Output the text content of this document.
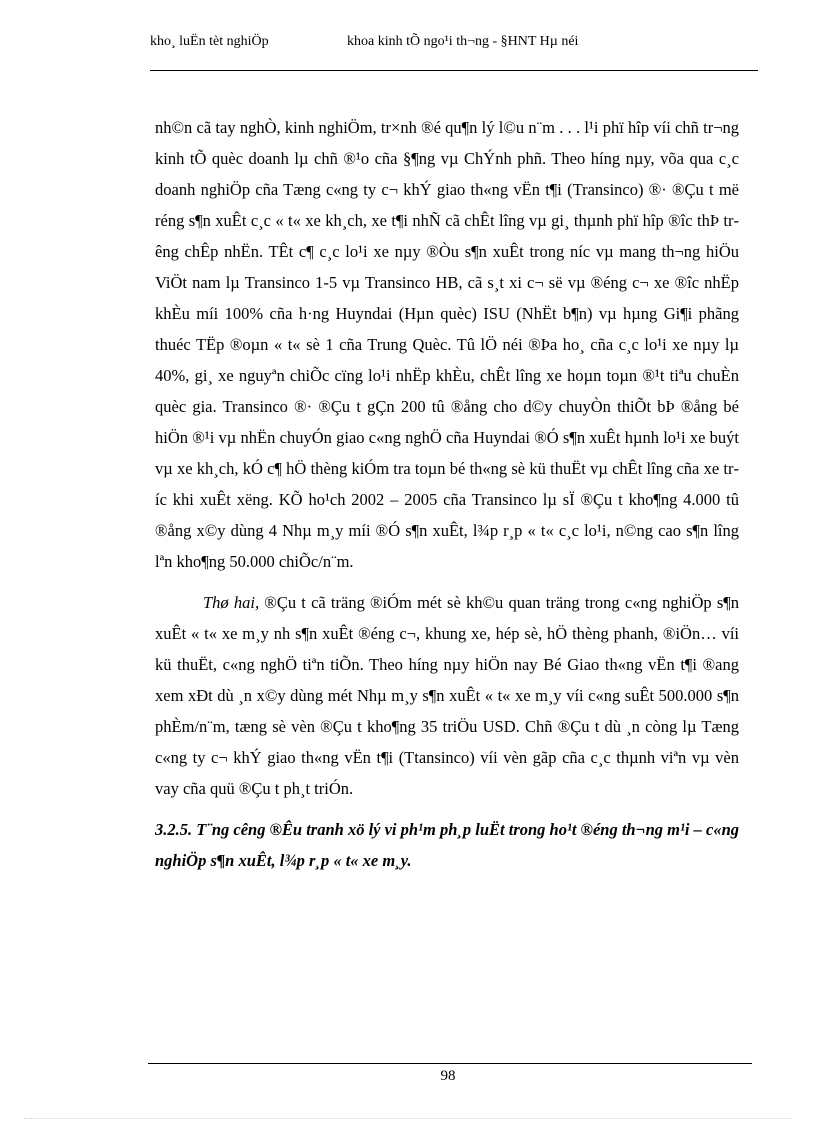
kho¸ luËn tèt nghiÖp	khoa kinh tÕ ngo¹i th¬ng - §HNT Hµ néi

nh©n cã tay nghÒ, kinh nghiÖm, tr×nh ®é qu¶n lý l©u n¨m . . . l¹i phï hîp víi chñ tr¬ng kinh tÕ quèc doanh lµ chñ ®¹o cña §¶ng vµ ChÝnh phñ. Theo híng nµy, võa qua c¸c doanh nghiÖp cña Tæng c«ng ty c¬ khÝ giao th«ng vËn t¶i (Transinco) ®· ®Çu t më réng s¶n xuÊt c¸c « t« xe kh¸ch, xe t¶i nhÑ cã chÊt lîng vµ gi¸ thµnh phï hîp ®îc thÞ trêng chÊp nhËn. TÊt c¶ c¸c lo¹i xe nµy ®Òu s¶n xuÊt trong níc vµ mang th¬ng hiÖu ViÖt nam lµ Transinco 1-5 vµ Transinco HB, cã s¸t xi c¬ së vµ ®éng c¬ xe ®îc nhËp khÈu míi 100% cña h·ng Huyndai (Hµn quèc) ISU (NhËt b¶n) vµ hµng Gi¶i phãng thuéc TËp ®oµn « t« sè 1 cña Trung Quèc. Tû lÖ néi ®Þa ho¸ cña c¸c lo¹i xe nµy lµ 40%, gi¸ xe nguyªn chiÕc cïng lo¹i nhËp khÈu, chÊt lîng xe hoµn toµn ®¹t tiªu chuÈn quèc gia. Transinco ®· ®Çu t gÇn 200 tû ®ång cho d©y chuyÒn thiÕt bÞ ®ång bé hiÖn ®¹i vµ nhËn chuyÓn giao c«ng nghÖ cña Huyndai ®Ó s¶n xuÊt hµnh lo¹i xe buýt vµ xe kh¸ch, kÓ c¶ hÖ thèng kiÓm tra toµn bé th«ng sè kü thuËt vµ chÊt lîng cña xe tríc khi xuÊt xëng. KÕ ho¹ch 2002 – 2005 cña Transinco lµ sÏ ®Çu t kho¶ng 4.000 tû ®ång x©y dùng 4 Nhµ m¸y míi ®Ó s¶n xuÊt, l¾p r¸p « t« c¸c lo¹i, n©ng cao s¶n lîng lªn kho¶ng 50.000 chiÕc/n¨m.

Thø hai, ®Çu t cã träng ®iÓm mét sè kh©u quan träng trong c«ng nghiÖp s¶n xuÊt « t« xe m¸y nh s¶n xuÊt ®éng c¬, khung xe, hép sè, hÖ thèng phanh, ®iÖn… víi kü thuËt, c«ng nghÖ tiªn tiÕn. Theo híng nµy hiÖn nay Bé Giao th«ng vËn t¶i ®ang xem xÐt dù ¸n x©y dùng mét Nhµ m¸y s¶n xuÊt « t« xe m¸y víi c«ng suÊt 500.000 s¶n phÈm/n¨m, tæng sè vèn ®Çu t kho¶ng 35 triÖu USD. Chñ ®Çu t dù ¸n còng lµ Tæng c«ng ty c¬ khÝ giao th«ng vËn t¶i (Ttansinco) víi vèn gãp cña c¸c thµnh viªn vµ vèn vay cña quü ®Çu t ph¸t triÓn.

3.2.5. T¨ng cêng ®Êu tranh xö lý vi ph¹m ph¸p luËt trong ho¹t ®éng th¬ng m¹i – c«ng nghiÖp s¶n xuÊt, l¾p r¸p « t« xe m¸y.

98
